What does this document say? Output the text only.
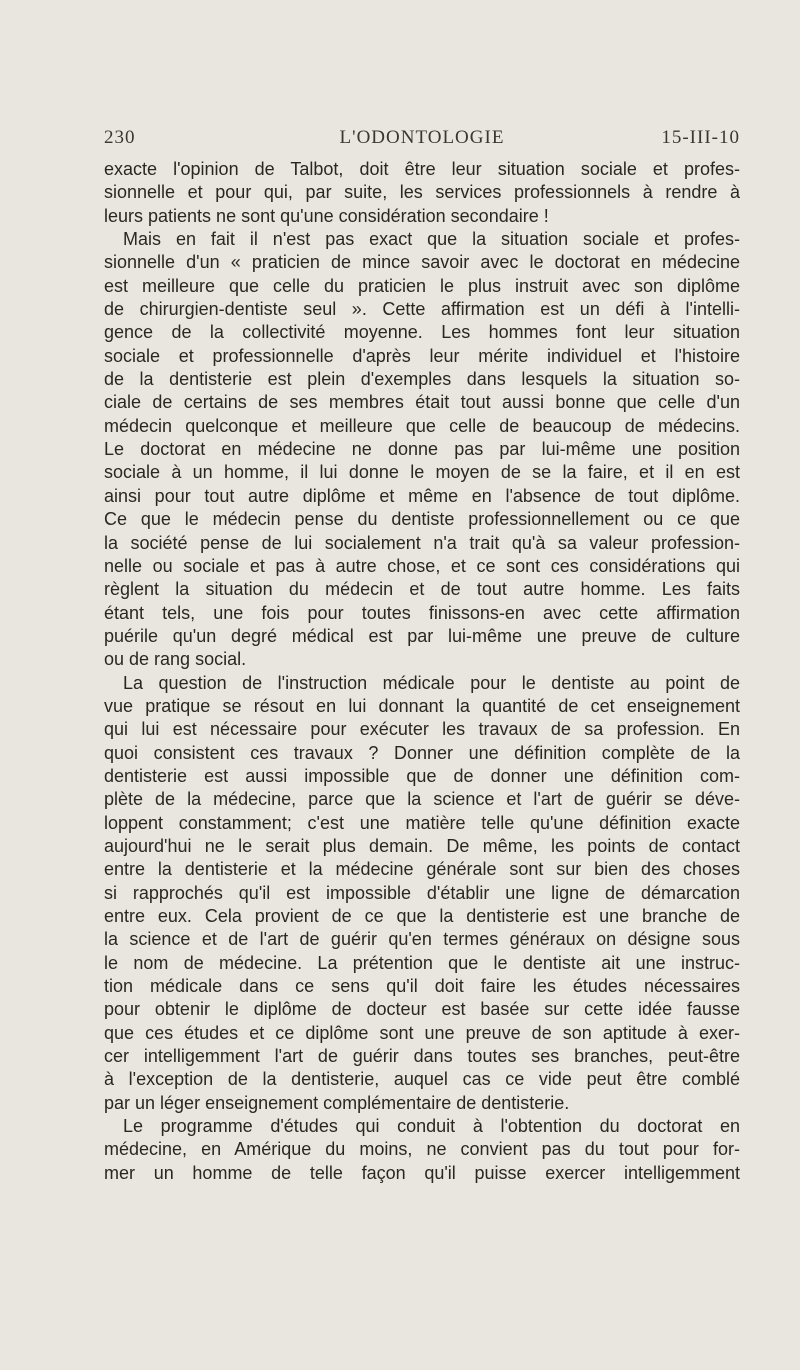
230	L'ODONTOLOGIE	15-III-10
exacte l'opinion de Talbot, doit être leur situation sociale et profes-
sionnelle et pour qui, par suite, les services professionnels à rendre à
leurs patients ne sont qu'une considération secondaire !
Mais en fait il n'est pas exact que la situation sociale et profes-
sionnelle d'un « praticien de mince savoir avec le doctorat en médecine
est meilleure que celle du praticien le plus instruit avec son diplôme
de chirurgien-dentiste seul ». Cette affirmation est un défi à l'intelli-
gence de la collectivité moyenne. Les hommes font leur situation
sociale et professionnelle d'après leur mérite individuel et l'histoire
de la dentisterie est plein d'exemples dans lesquels la situation so-
ciale de certains de ses membres était tout aussi bonne que celle d'un
médecin quelconque et meilleure que celle de beaucoup de médecins.
Le doctorat en médecine ne donne pas par lui-même une position
sociale à un homme, il lui donne le moyen de se la faire, et il en est
ainsi pour tout autre diplôme et même en l'absence de tout diplôme.
Ce que le médecin pense du dentiste professionnellement ou ce que
la société pense de lui socialement n'a trait qu'à sa valeur profession-
nelle ou sociale et pas à autre chose, et ce sont ces considérations qui
règlent la situation du médecin et de tout autre homme. Les faits
étant tels, une fois pour toutes finissons-en avec cette affirmation
puérile qu'un degré médical est par lui-même une preuve de culture
ou de rang social.
La question de l'instruction médicale pour le dentiste au point de
vue pratique se résout en lui donnant la quantité de cet enseignement
qui lui est nécessaire pour exécuter les travaux de sa profession. En
quoi consistent ces travaux ? Donner une définition complète de la
dentisterie est aussi impossible que de donner une définition com-
plète de la médecine, parce que la science et l'art de guérir se déve-
loppent constamment; c'est une matière telle qu'une définition exacte
aujourd'hui ne le serait plus demain. De même, les points de contact
entre la dentisterie et la médecine générale sont sur bien des choses
si rapprochés qu'il est impossible d'établir une ligne de démarcation
entre eux. Cela provient de ce que la dentisterie est une branche de
la science et de l'art de guérir qu'en termes généraux on désigne sous
le nom de médecine. La prétention que le dentiste ait une instruc-
tion médicale dans ce sens qu'il doit faire les études nécessaires
pour obtenir le diplôme de docteur est basée sur cette idée fausse
que ces études et ce diplôme sont une preuve de son aptitude à exer-
cer intelligemment l'art de guérir dans toutes ses branches, peut-être
à l'exception de la dentisterie, auquel cas ce vide peut être comblé
par un léger enseignement complémentaire de dentisterie.
Le programme d'études qui conduit à l'obtention du doctorat en
médecine, en Amérique du moins, ne convient pas du tout pour for-
mer un homme de telle façon qu'il puisse exercer intelligemment
